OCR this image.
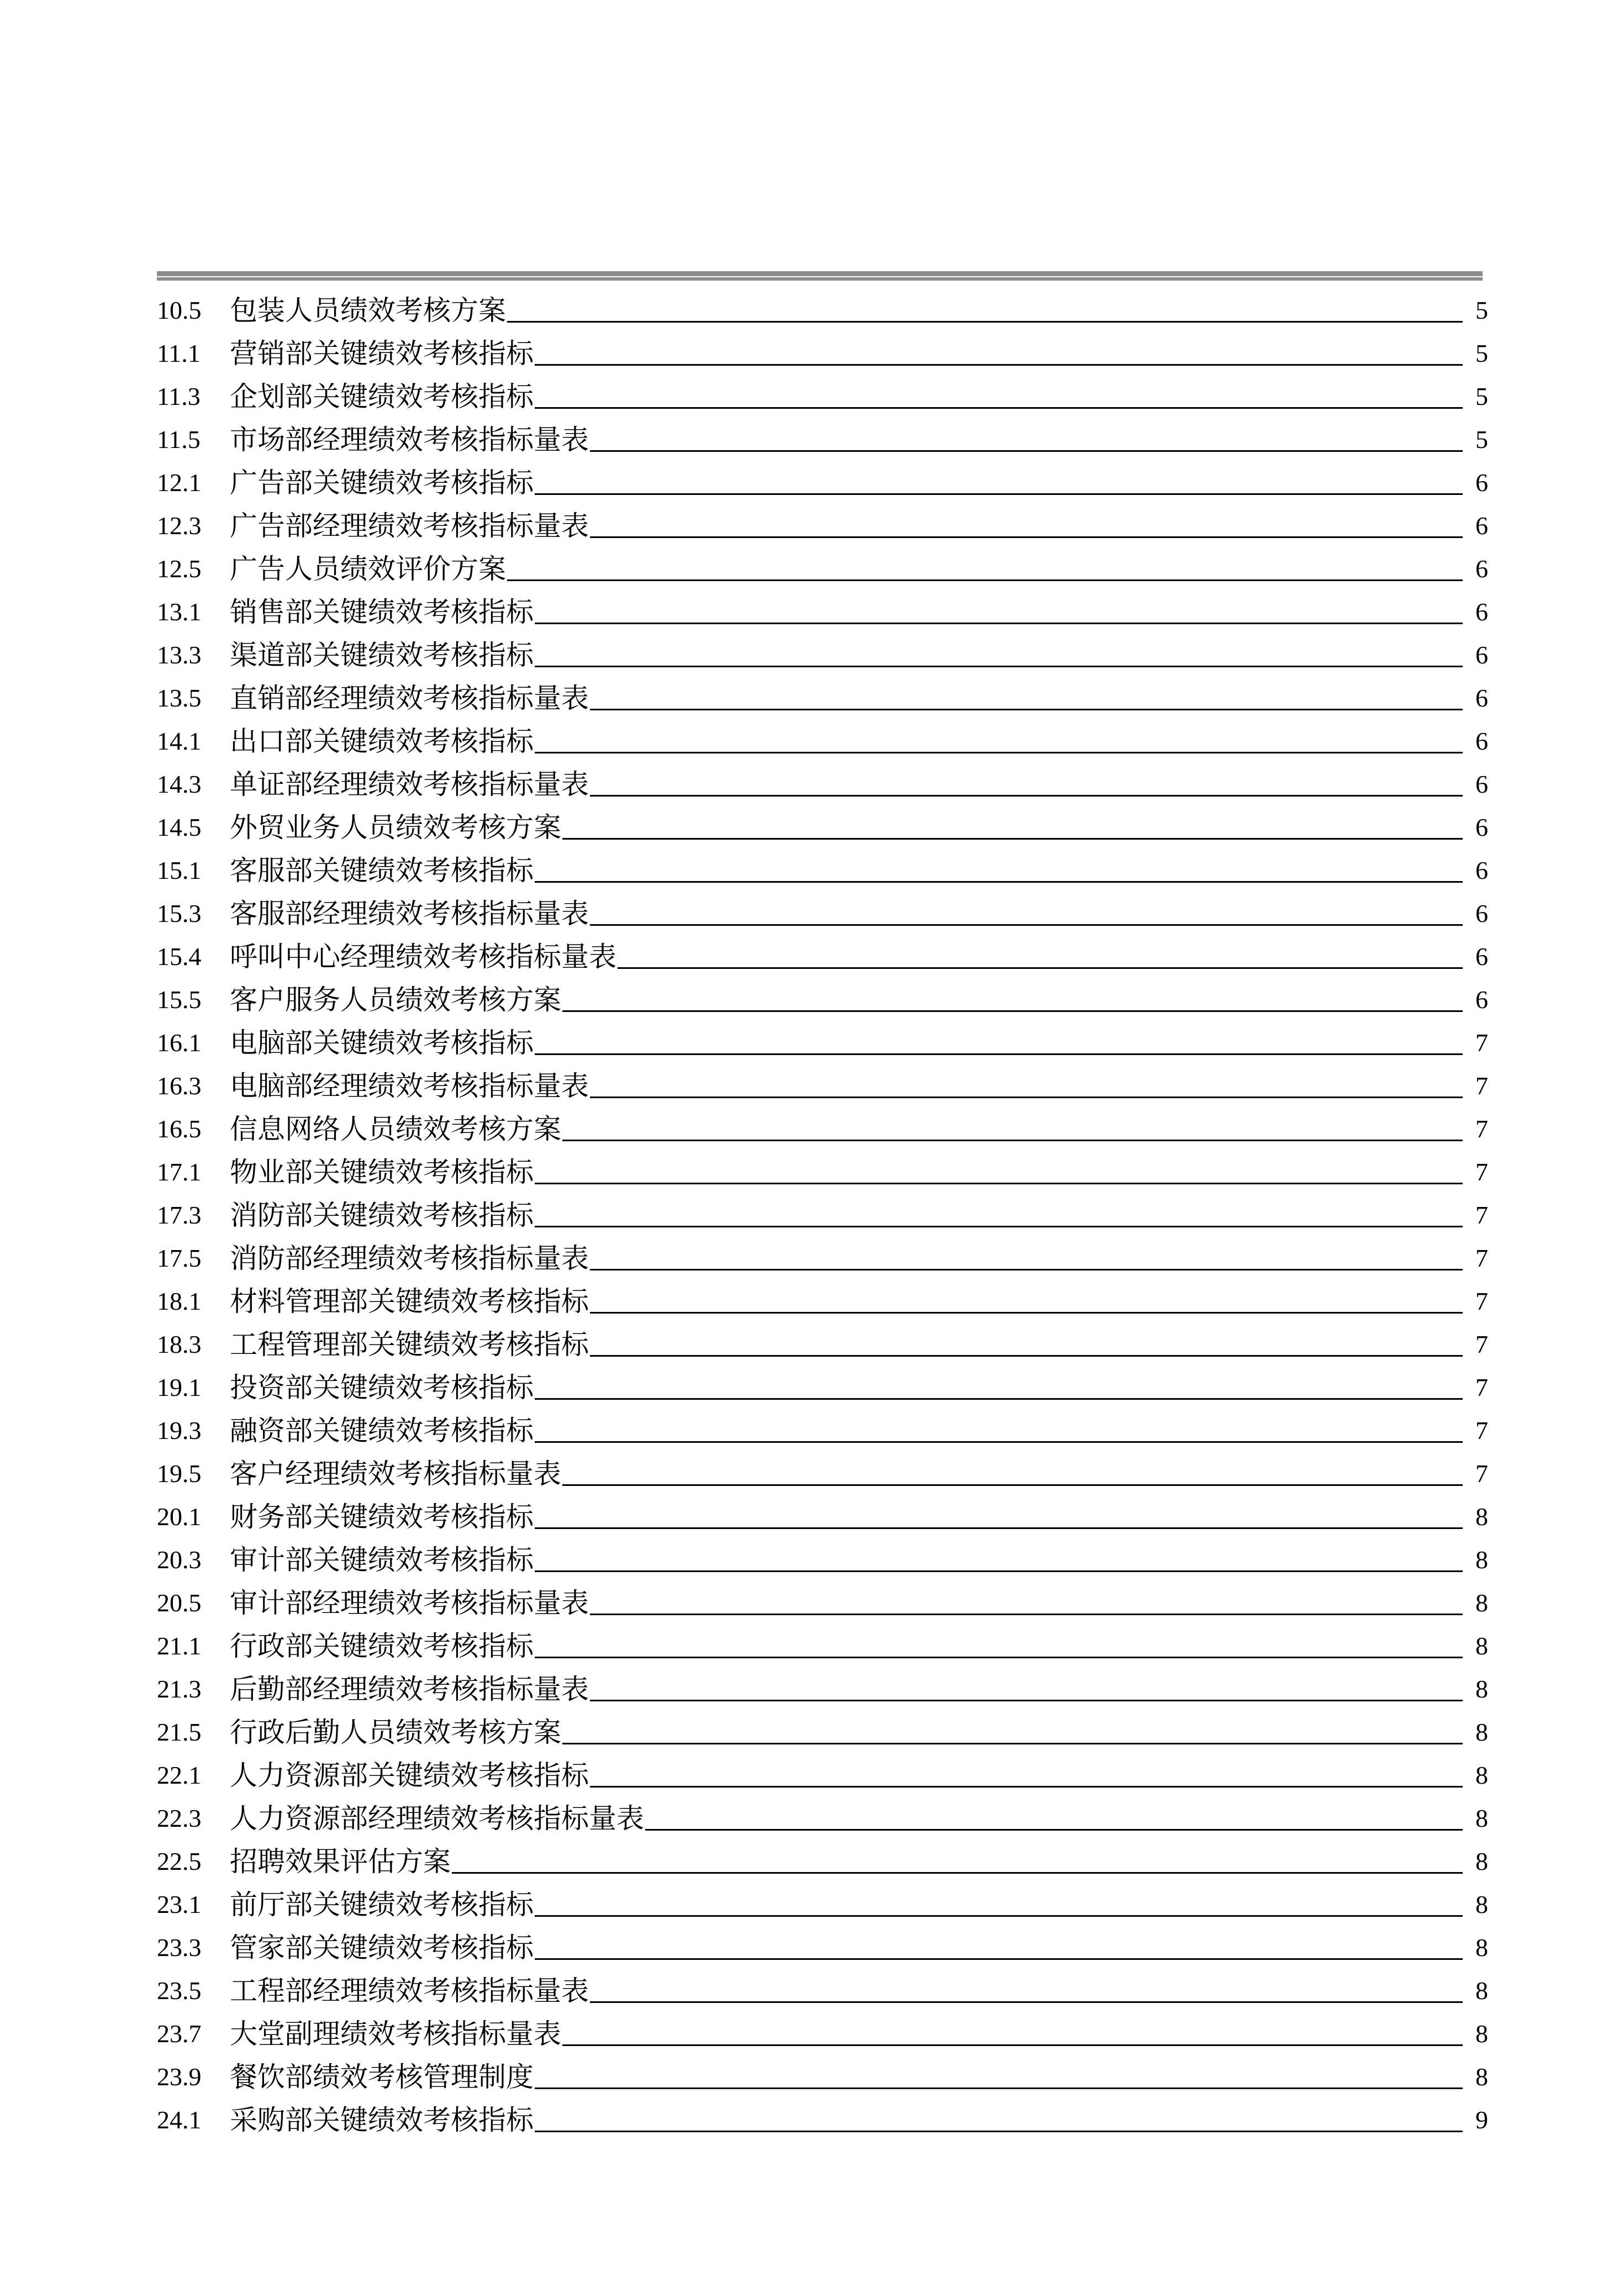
10.5	包装人员绩效考核方案	5
11.1	营销部关键绩效考核指标	5
11.3	企划部关键绩效考核指标	5
11.5	市场部经理绩效考核指标量表	5
12.1	广告部关键绩效考核指标	6
12.3	广告部经理绩效考核指标量表	6
12.5	广告人员绩效评价方案	6
13.1	销售部关键绩效考核指标	6
13.3	渠道部关键绩效考核指标	6
13.5	直销部经理绩效考核指标量表	6
14.1	出口部关键绩效考核指标	6
14.3	单证部经理绩效考核指标量表	6
14.5	外贸业务人员绩效考核方案	6
15.1	客服部关键绩效考核指标	6
15.3	客服部经理绩效考核指标量表	6
15.4	呼叫中心经理绩效考核指标量表	6
15.5	客户服务人员绩效考核方案	6
16.1	电脑部关键绩效考核指标	7
16.3	电脑部经理绩效考核指标量表	7
16.5	信息网络人员绩效考核方案	7
17.1	物业部关键绩效考核指标	7
17.3	消防部关键绩效考核指标	7
17.5	消防部经理绩效考核指标量表	7
18.1	材料管理部关键绩效考核指标	7
18.3	工程管理部关键绩效考核指标	7
19.1	投资部关键绩效考核指标	7
19.3	融资部关键绩效考核指标	7
19.5	客户经理绩效考核指标量表	7
20.1	财务部关键绩效考核指标	8
20.3	审计部关键绩效考核指标	8
20.5	审计部经理绩效考核指标量表	8
21.1	行政部关键绩效考核指标	8
21.3	后勤部经理绩效考核指标量表	8
21.5	行政后勤人员绩效考核方案	8
22.1	人力资源部关键绩效考核指标	8
22.3	人力资源部经理绩效考核指标量表	8
22.5	招聘效果评估方案	8
23.1	前厅部关键绩效考核指标	8
23.3	管家部关键绩效考核指标	8
23.5	工程部经理绩效考核指标量表	8
23.7	大堂副理绩效考核指标量表	8
23.9	餐饮部绩效考核管理制度	8
24.1	采购部关键绩效考核指标	9
